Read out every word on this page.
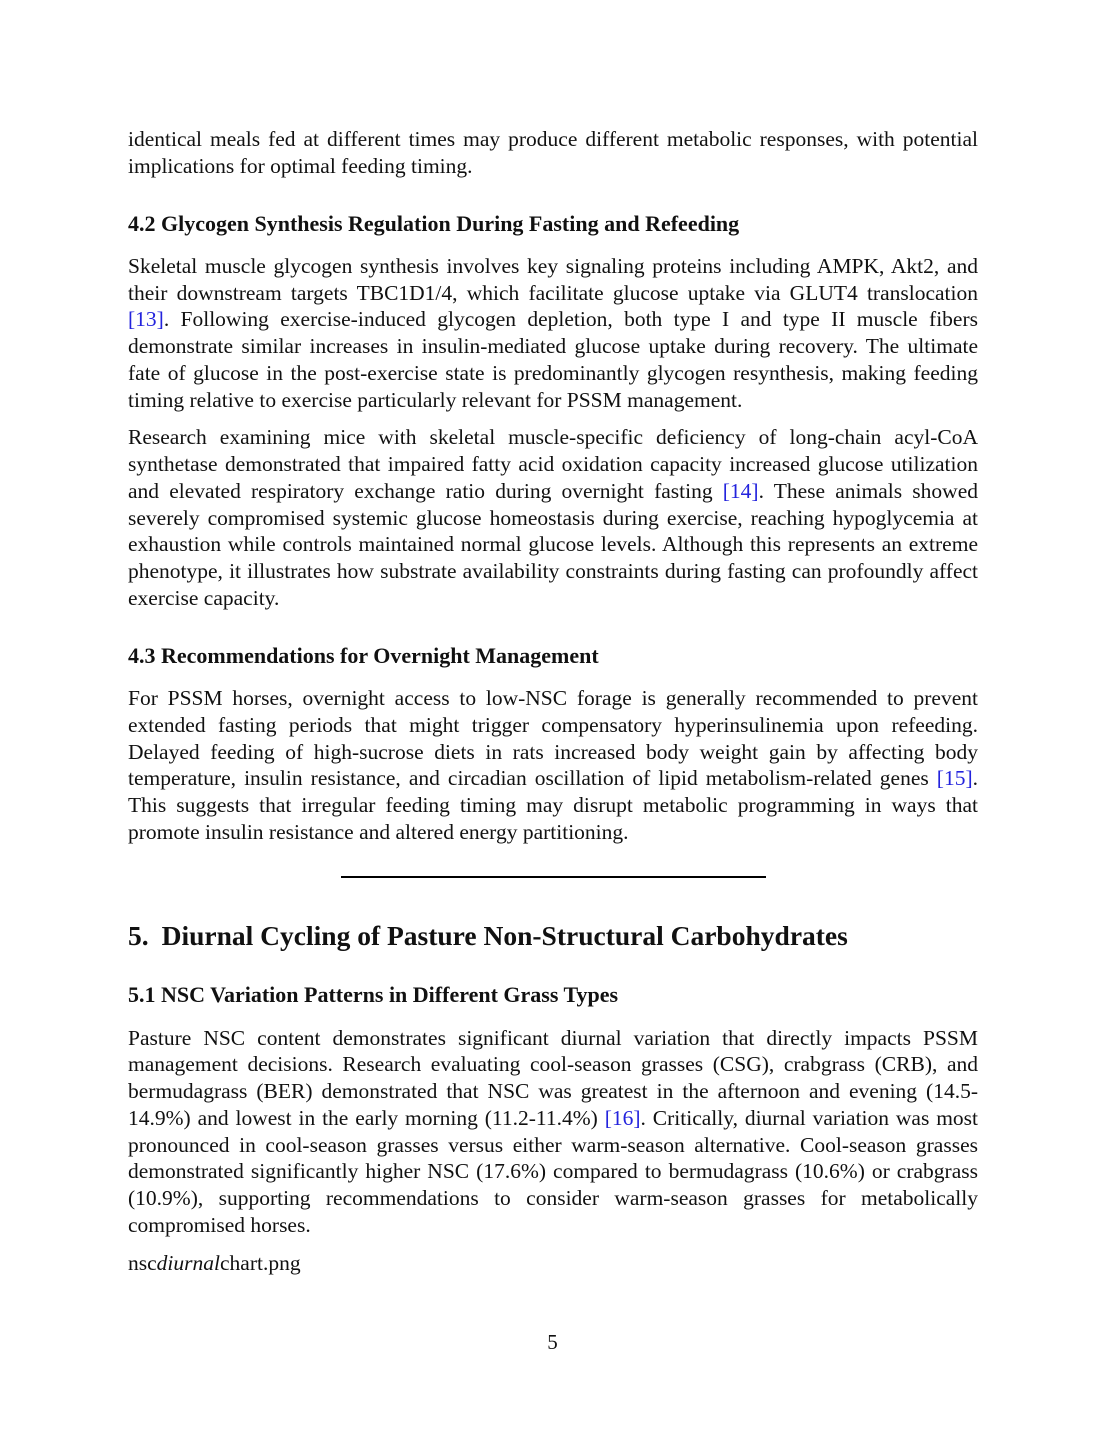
identical meals fed at different times may produce different metabolic responses, with potential implications for optimal feeding timing.

4.2 Glycogen Synthesis Regulation During Fasting and Refeeding

Skeletal muscle glycogen synthesis involves key signaling proteins including AMPK, Akt2, and their downstream targets TBC1D1/4, which facilitate glucose uptake via GLUT4 translocation [13]. Following exercise-induced glycogen depletion, both type I and type II muscle fibers demonstrate similar increases in insulin-mediated glucose uptake during recovery. The ultimate fate of glucose in the post-exercise state is predominantly glycogen resynthesis, making feeding timing relative to exercise particularly relevant for PSSM management.

Research examining mice with skeletal muscle-specific deficiency of long-chain acyl-CoA synthetase demonstrated that impaired fatty acid oxidation capacity increased glucose utilization and elevated respiratory exchange ratio during overnight fasting [14]. These animals showed severely compromised systemic glucose homeostasis during exercise, reaching hypoglycemia at exhaustion while controls maintained normal glucose levels. Although this represents an extreme phenotype, it illustrates how substrate availability constraints during fasting can profoundly affect exercise capacity.

4.3 Recommendations for Overnight Management

For PSSM horses, overnight access to low-NSC forage is generally recommended to prevent extended fasting periods that might trigger compensatory hyperinsulinemia upon refeeding. Delayed feeding of high-sucrose diets in rats increased body weight gain by affecting body temperature, insulin resistance, and circadian oscillation of lipid metabolism-related genes [15]. This suggests that irregular feeding timing may disrupt metabolic programming in ways that promote insulin resistance and altered energy partitioning.

5. Diurnal Cycling of Pasture Non-Structural Carbohydrates
5.1 NSC Variation Patterns in Different Grass Types

Pasture NSC content demonstrates significant diurnal variation that directly impacts PSSM management decisions. Research evaluating cool-season grasses (CSG), crabgrass (CRB), and bermudagrass (BER) demonstrated that NSC was greatest in the afternoon and evening (14.5-14.9%) and lowest in the early morning (11.2-11.4%) [16]. Critically, diurnal variation was most pronounced in cool-season grasses versus either warm-season alternative. Cool-season grasses demonstrated significantly higher NSC (17.6%) compared to bermudagrass (10.6%) or crabgrass (10.9%), supporting recommendations to consider warm-season grasses for metabolically compromised horses.

nscdiurnalchart.png

5
